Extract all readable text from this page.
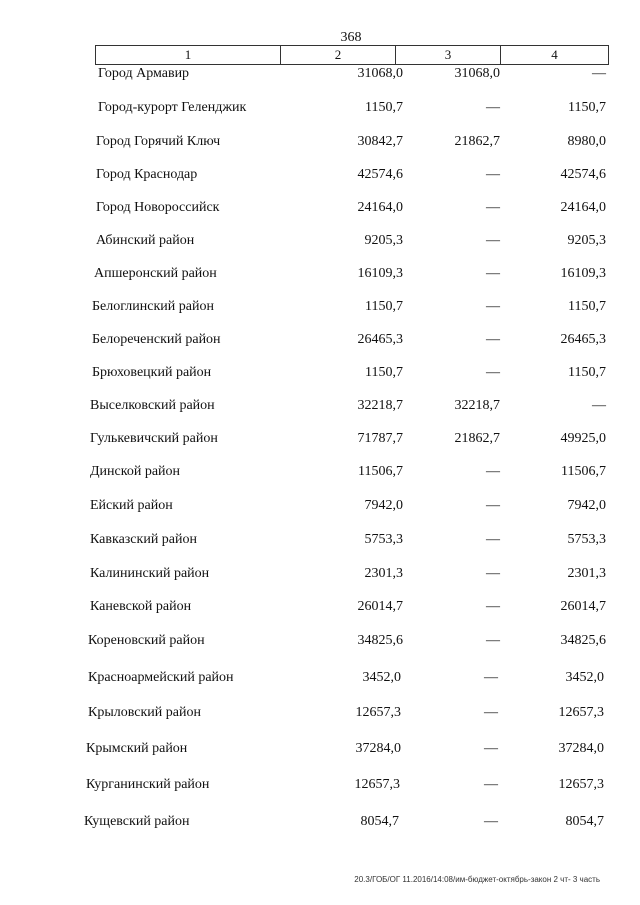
368
1	2	3	4
Город Армавир	31068,0	31068,0	—
Город-курорт Геленджик	1150,7	—	1150,7
Город Горячий Ключ	30842,7	21862,7	8980,0
Город Краснодар	42574,6	—	42574,6
Город Новороссийск	24164,0	—	24164,0
Абинский район	9205,3	—	9205,3
Апшеронский район	16109,3	—	16109,3
Белоглинский район	1150,7	—	1150,7
Белореченский район	26465,3	—	26465,3
Брюховецкий район	1150,7	—	1150,7
Выселковский район	32218,7	32218,7	—
Гулькевичский район	71787,7	21862,7	49925,0
Динской район	11506,7	—	11506,7
Ейский район	7942,0	—	7942,0
Кавказский район	5753,3	—	5753,3
Калининский район	2301,3	—	2301,3
Каневской район	26014,7	—	26014,7
Кореновский район	34825,6	—	34825,6
Красноармейский район	3452,0	—	3452,0
Крыловский район	12657,3	—	12657,3
Крымский район	37284,0	—	37284,0
Курганинский район	12657,3	—	12657,3
Кущевский район	8054,7	—	8054,7
20.3/ГОБ/ОГ 11.2016/14:08/им-бюджет-октябрь-закон 2 чт- 3 часть
